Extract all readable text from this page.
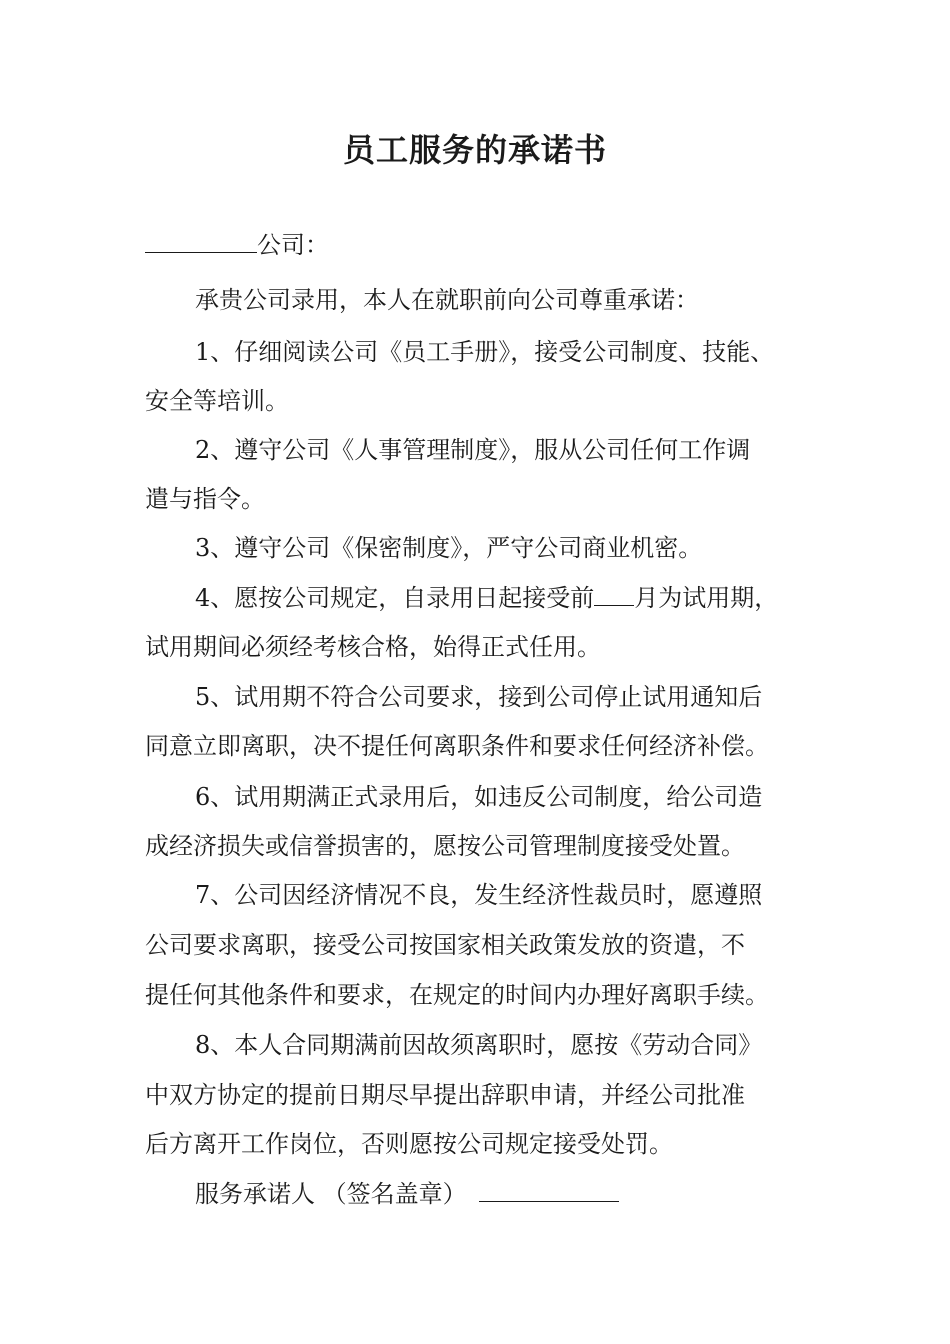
员工服务的承诺书
公司：
承贵公司录用，本人在就职前向公司尊重承诺：
1、仔细阅读公司《员工手册》，接受公司制度、技能、
安全等培训。
2、遵守公司《人事管理制度》，服从公司任何工作调
遣与指令。
3、遵守公司《保密制度》，严守公司商业机密。
4、愿按公司规定，自录用日起接受前 月为试用期，
试用期间必须经考核合格，始得正式任用。
5、试用期不符合公司要求，接到公司停止试用通知后
同意立即离职，决不提任何离职条件和要求任何经济补偿。
6、试用期满正式录用后，如违反公司制度，给公司造
成经济损失或信誉损害的，愿按公司管理制度接受处置。
7、公司因经济情况不良，发生经济性裁员时，愿遵照
公司要求离职，接受公司按国家相关政策发放的资遣，不
提任何其他条件和要求，在规定的时间内办理好离职手续。
8、本人合同期满前因故须离职时，愿按《劳动合同》
中双方协定的提前日期尽早提出辞职申请，并经公司批准
后方离开工作岗位，否则愿按公司规定接受处罚。
服务承诺人 （签名盖章）
